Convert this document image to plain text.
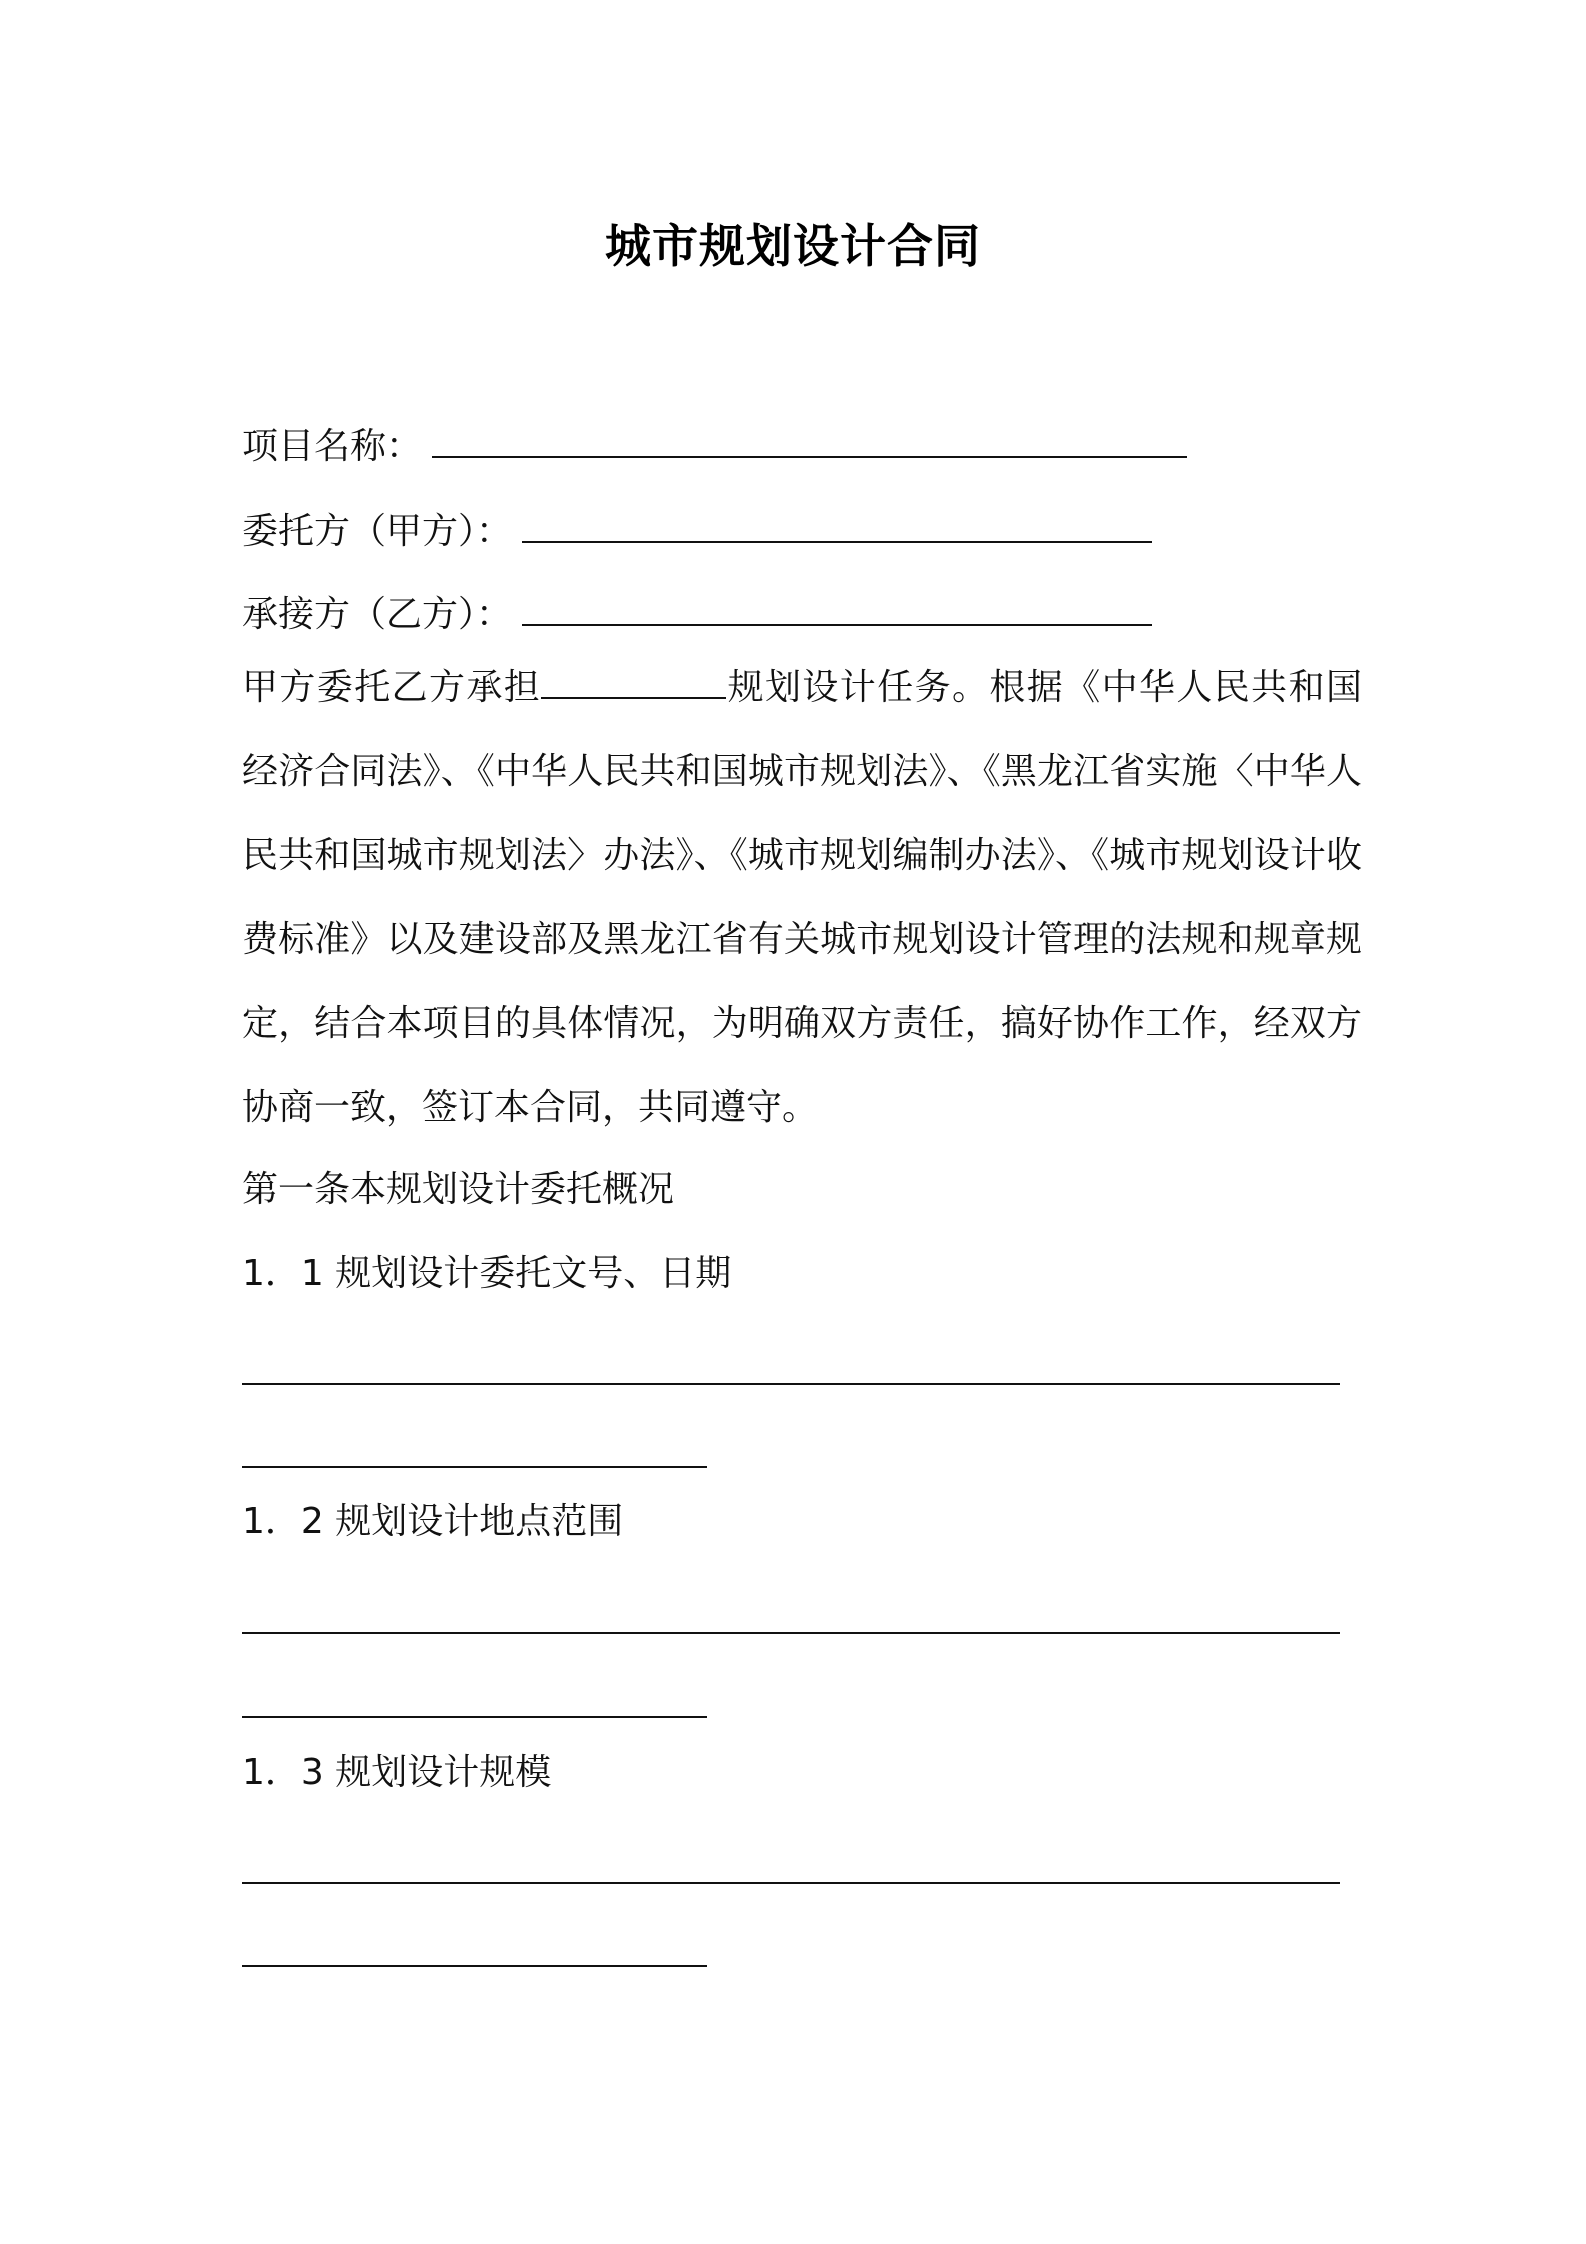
城市规划设计合同
项目名称：
委托方（甲方）：
承接方（乙方）：
甲方委托乙方承担	规划设计任务。根据《中华人民共和国经济合同法》、《中华人民共和国城市规划法》、《黑龙江省实施〈中华人民共和国城市规划法〉办法》、《城市规划编制办法》、《城市规划设计收费标准》以及建设部及黑龙江省有关城市规划设计管理的法规和规章规定，结合本项目的具体情况，为明确双方责任，搞好协作工作，经双方协商一致，签订本合同，共同遵守。
第一条本规划设计委托概况
1．1 规划设计委托文号、日期
1．2 规划设计地点范围
1．3 规划设计规模
